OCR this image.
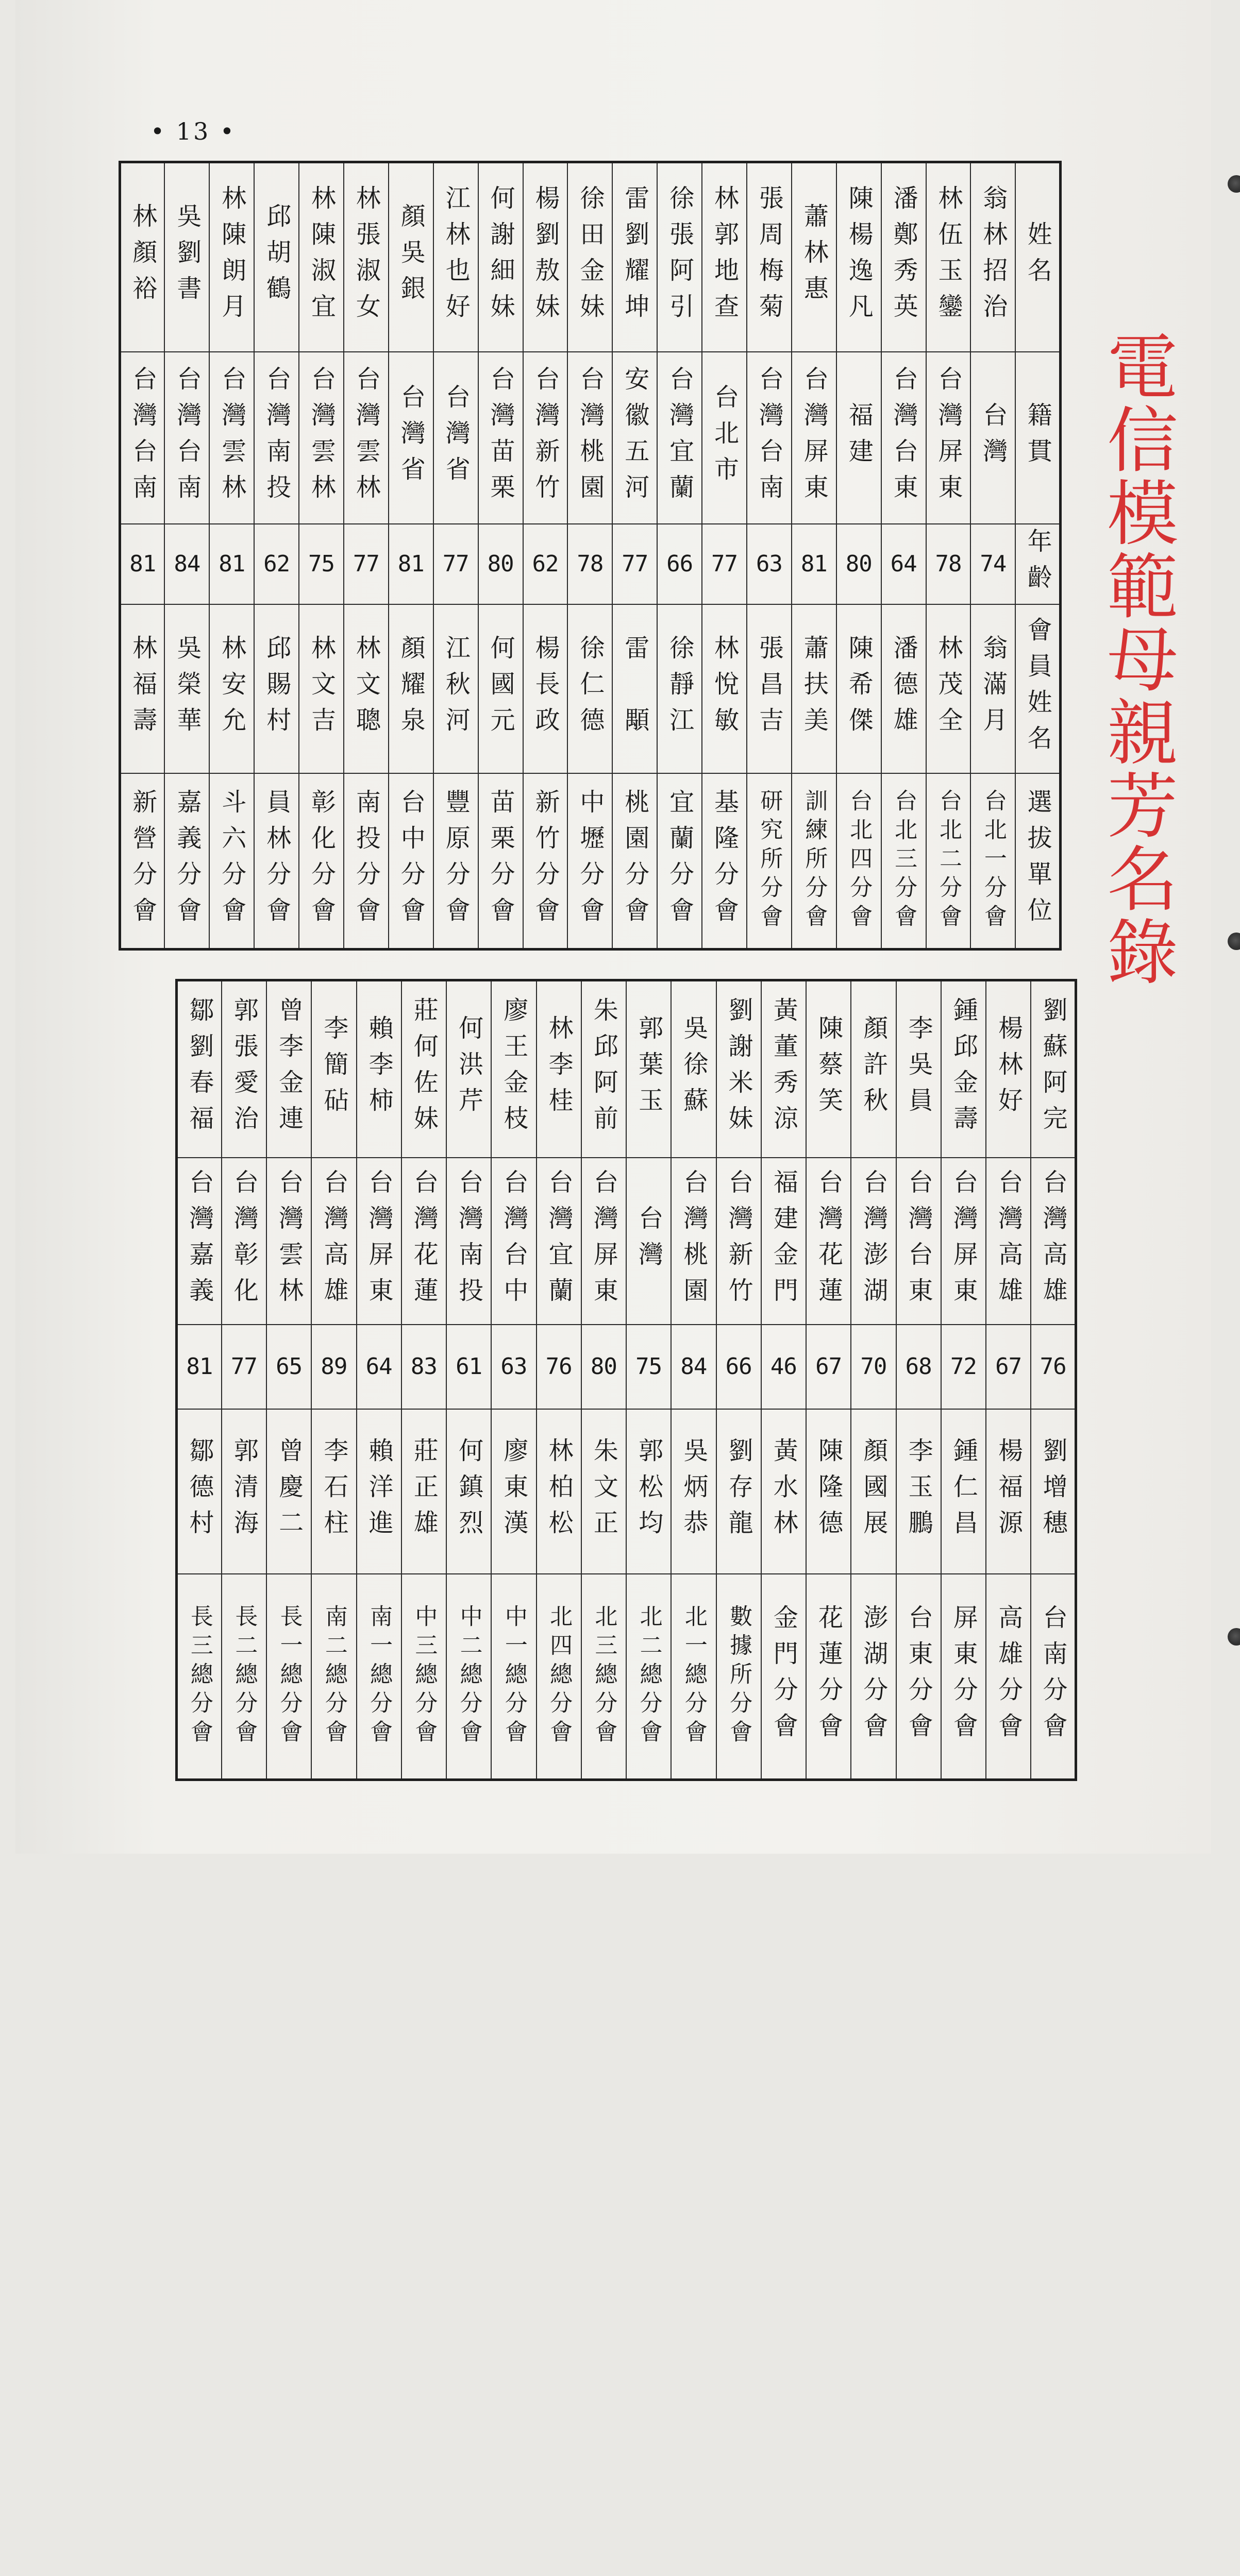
• 13 •
林顏裕	吳劉書	林陳朗月	邱胡鶴	林陳淑宜	林張淑女	顏吳銀	江林也好	何謝細妹	楊劉敖妹	徐田金妹	雷劉耀坤	徐張阿引	林郭地查	張周梅菊	蕭林惠	陳楊逸凡	潘鄭秀英	林伍玉鑾	翁林招治	姓名

台灣台南	台灣台南	台灣雲林	台灣南投	台灣雲林	台灣雲林	台灣省	台灣省	台灣苗栗	台灣新竹	台灣桃園	安徽五河	台灣宜蘭	台北市	台灣台南	台灣屏東	福建	台灣台東	台灣屏東	台灣	籍貫

81	84	81	62	75	77	81	77	80	62	78	77	66	77	63	81	80	64	78	74	年齡

林福壽	吳榮華	林安允	邱賜村	林文吉	林文聰	顏耀泉	江秋河	何國元	楊長政	徐仁德	雷　顒	徐靜江	林悅敏	張昌吉	蕭扶美	陳希傑	潘德雄	林茂全	翁滿月	會員姓名

新營分會	嘉義分會	斗六分會	員林分會	彰化分會	南投分會	台中分會	豐原分會	苗栗分會	新竹分會	中壢分會	桃園分會	宜蘭分會	基隆分會	研究所分會	訓練所分會	台北四分會	台北三分會	台北二分會	台北一分會	選拔單位
鄒劉春福	郭張愛治	曾李金連	李簡砧	賴李柿	莊何佐妹	何洪芹	廖王金枝	林李桂	朱邱阿前	郭葉玉	吳徐蘇	劉謝米妹	黃董秀涼	陳蔡笑	顏許秋	李吳員	鍾邱金壽	楊林好	劉蘇阿完

台灣嘉義	台灣彰化	台灣雲林	台灣高雄	台灣屏東	台灣花蓮	台灣南投	台灣台中	台灣宜蘭	台灣屏東	台灣	台灣桃園	台灣新竹	福建金門	台灣花蓮	台灣澎湖	台灣台東	台灣屏東	台灣高雄	台灣高雄

81	77	65	89	64	83	61	63	76	80	75	84	66	46	67	70	68	72	67	76

鄒德村	郭清海	曾慶二	李石柱	賴洋進	莊正雄	何鎮烈	廖東漢	林柏松	朱文正	郭松均	吳炳恭	劉存龍	黃水林	陳隆德	顏國展	李玉鵬	鍾仁昌	楊福源	劉增穗

長三總分會	長二總分會	長一總分會	南二總分會	南一總分會	中三總分會	中二總分會	中一總分會	北四總分會	北三總分會	北二總分會	北一總分會	數據所分會	金門分會	花蓮分會	澎湖分會	台東分會	屏東分會	高雄分會	台南分會
電信模範母親芳名錄
